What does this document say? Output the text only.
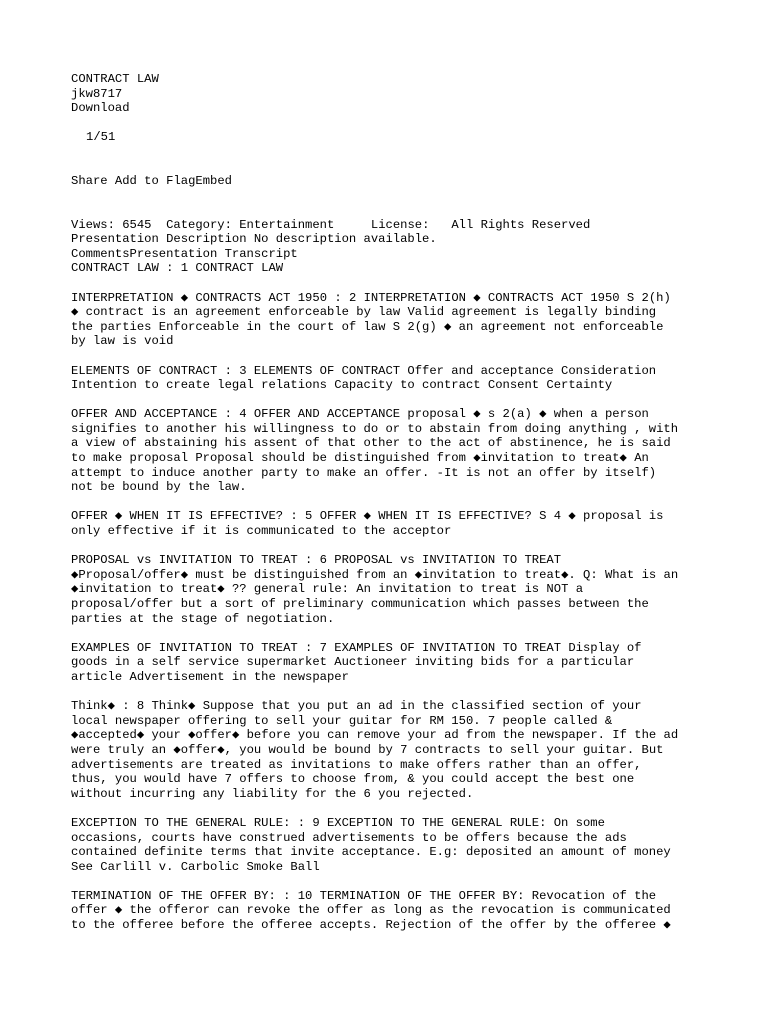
CONTRACT LAW
jkw8717
Download
1/51
Share Add to FlagEmbed
Views: 6545 Category: Entertainment	License:   All Rights Reserved
Presentation Description No description available.
CommentsPresentation Transcript
CONTRACT LAW : 1 CONTRACT LAW
INTERPRETATION ◆ CONTRACTS ACT 1950 : 2 INTERPRETATION ◆ CONTRACTS ACT 1950 S 2(h)
◆ contract is an agreement enforceable by law Valid agreement is legally binding
the parties Enforceable in the court of law S 2(g) ◆ an agreement not enforceable
by law is void
ELEMENTS OF CONTRACT : 3 ELEMENTS OF CONTRACT Offer and acceptance Consideration
Intention to create legal relations Capacity to contract Consent Certainty
OFFER AND ACCEPTANCE : 4 OFFER AND ACCEPTANCE proposal ◆ s 2(a) ◆ when a person
signifies to another his willingness to do or to abstain from doing anything , with
a view of abstaining his assent of that other to the act of abstinence, he is said
to make proposal Proposal should be distinguished from ◆invitation to treat◆ An
attempt to induce another party to make an offer. -It is not an offer by itself)
not be bound by the law.
OFFER ◆ WHEN IT IS EFFECTIVE? : 5 OFFER ◆ WHEN IT IS EFFECTIVE? S 4 ◆ proposal is
only effective if it is communicated to the acceptor
PROPOSAL vs INVITATION TO TREAT : 6 PROPOSAL vs INVITATION TO TREAT
◆Proposal/offer◆ must be distinguished from an ◆invitation to treat◆. Q: What is an
◆invitation to treat◆ ?? general rule: An invitation to treat is NOT a
proposal/offer but a sort of preliminary communication which passes between the
parties at the stage of negotiation.
EXAMPLES OF INVITATION TO TREAT : 7 EXAMPLES OF INVITATION TO TREAT Display of
goods in a self service supermarket Auctioneer inviting bids for a particular
article Advertisement in the newspaper
Think◆ : 8 Think◆ Suppose that you put an ad in the classified section of your
local newspaper offering to sell your guitar for RM 150. 7 people called &
◆accepted◆ your ◆offer◆ before you can remove your ad from the newspaper. If the ad
were truly an ◆offer◆, you would be bound by 7 contracts to sell your guitar. But
advertisements are treated as invitations to make offers rather than an offer,
thus, you would have 7 offers to choose from, & you could accept the best one
without incurring any liability for the 6 you rejected.
EXCEPTION TO THE GENERAL RULE: : 9 EXCEPTION TO THE GENERAL RULE: On some
occasions, courts have construed advertisements to be offers because the ads
contained definite terms that invite acceptance. E.g: deposited an amount of money
See Carlill v. Carbolic Smoke Ball
TERMINATION OF THE OFFER BY: : 10 TERMINATION OF THE OFFER BY: Revocation of the
offer ◆ the offeror can revoke the offer as long as the revocation is communicated
to the offeree before the offeree accepts. Rejection of the offer by the offeree ◆
